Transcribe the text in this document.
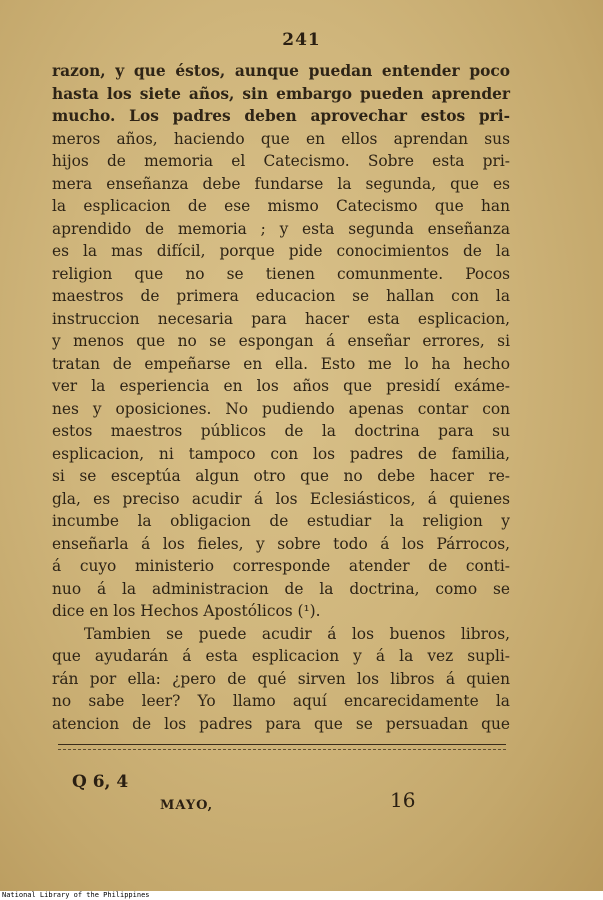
241
razon, y que éstos, aunque puedan entender poco
hasta los siete años, sin embargo pueden aprender
mucho. Los padres deben aprovechar estos pri-
meros años, haciendo que en ellos aprendan sus
hijos de memoria el Catecismo. Sobre esta pri-
mera enseñanza debe fundarse la segunda, que es
la esplicacion de ese mismo Catecismo que han
aprendido de memoria ; y esta segunda enseñanza
es la mas difícil, porque pide conocimientos de la
religion que no se tienen comunmente. Pocos
maestros de primera educacion se hallan con la
instruccion necesaria para hacer esta esplicacion,
y menos que no se espongan á enseñar errores, si
tratan de empeñarse en ella. Esto me lo ha hecho
ver la esperiencia en los años que presidí exáme-
nes y oposiciones. No pudiendo apenas contar con
estos maestros públicos de la doctrina para su
esplicacion, ni tampoco con los padres de familia,
si se esceptúa algun otro que no debe hacer re-
gla, es preciso acudir á los Eclesiásticos, á quienes
incumbe la obligacion de estudiar la religion y
enseñarla á los fieles, y sobre todo á los Párrocos,
á cuyo ministerio corresponde atender de conti-
nuo á la administracion de la doctrina, como se
dice en los Hechos Apostólicos (¹).
Tambien se puede acudir á los buenos libros,
que ayudarán á esta esplicacion y á la vez supli-
rán por ella: ¿pero de qué sirven los libros á quien
no sabe leer? Yo llamo aquí encarecidamente la
atencion de los padres para que se persuadan que
Q 6, 4
MAYO,	16
National Library of the Philippines
